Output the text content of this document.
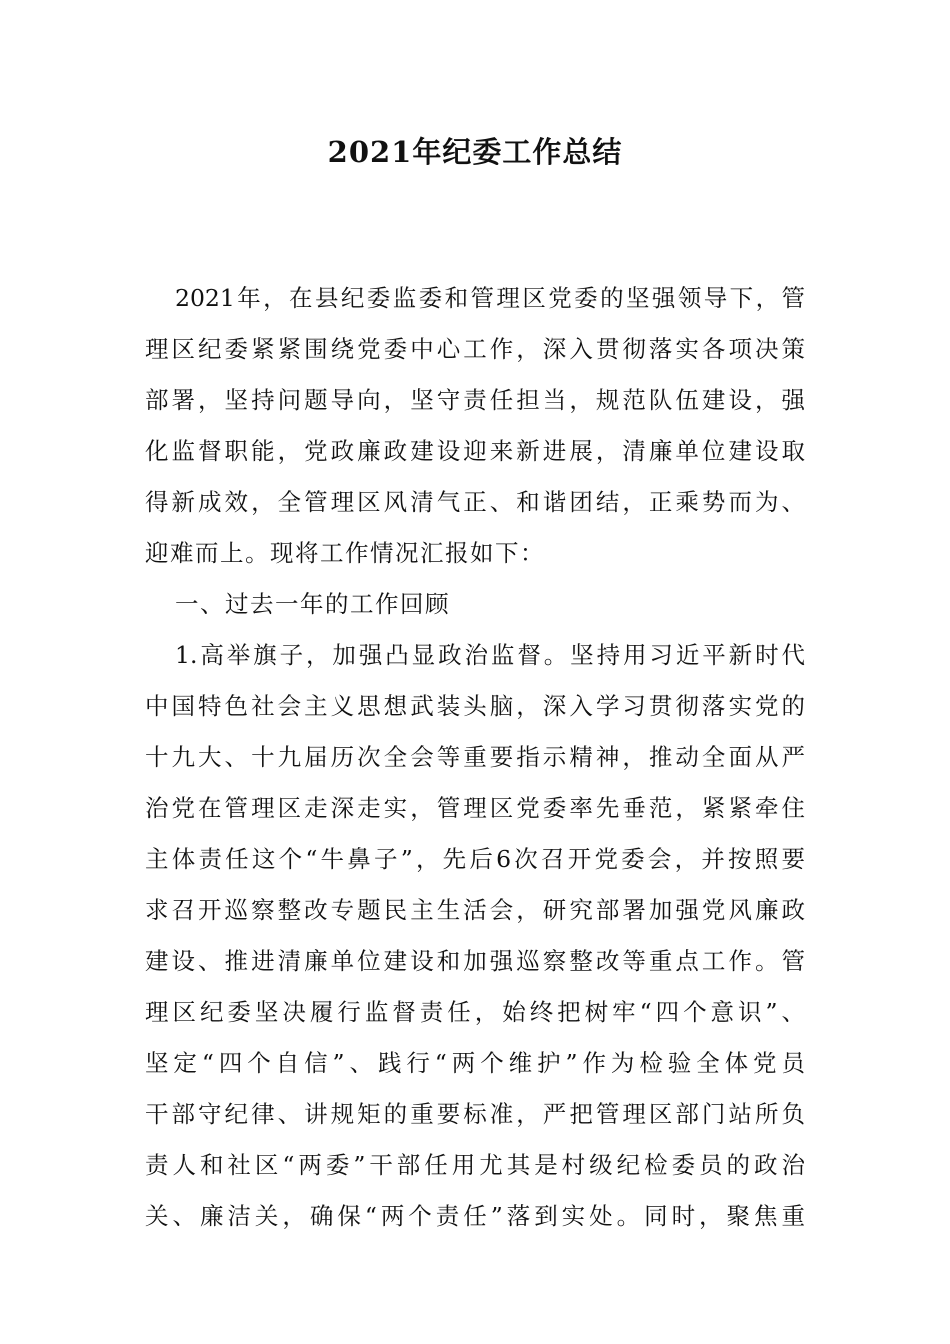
2021年纪委工作总结
2021年，在县纪委监委和管理区党委的坚强领导下，管
理区纪委紧紧围绕党委中心工作，深入贯彻落实各项决策
部署，坚持问题导向，坚守责任担当，规范队伍建设，强
化监督职能，党政廉政建设迎来新进展，清廉单位建设取
得新成效，全管理区风清气正、和谐团结，正乘势而为、
迎难而上。现将工作情况汇报如下：
一、过去一年的工作回顾
1.高举旗子，加强凸显政治监督。坚持用习近平新时代
中国特色社会主义思想武装头脑，深入学习贯彻落实党的
十九大、十九届历次全会等重要指示精神，推动全面从严
治党在管理区走深走实，管理区党委率先垂范，紧紧牵住
主体责任这个“牛鼻子”，先后6次召开党委会，并按照要
求召开巡察整改专题民主生活会，研究部署加强党风廉政
建设、推进清廉单位建设和加强巡察整改等重点工作。管
理区纪委坚决履行监督责任，始终把树牢“四个意识”、
坚定“四个自信”、践行“两个维护”作为检验全体党员
干部守纪律、讲规矩的重要标准，严把管理区部门站所负
责人和社区“两委”干部任用尤其是村级纪检委员的政治
关、廉洁关，确保“两个责任”落到实处。同时，聚焦重
